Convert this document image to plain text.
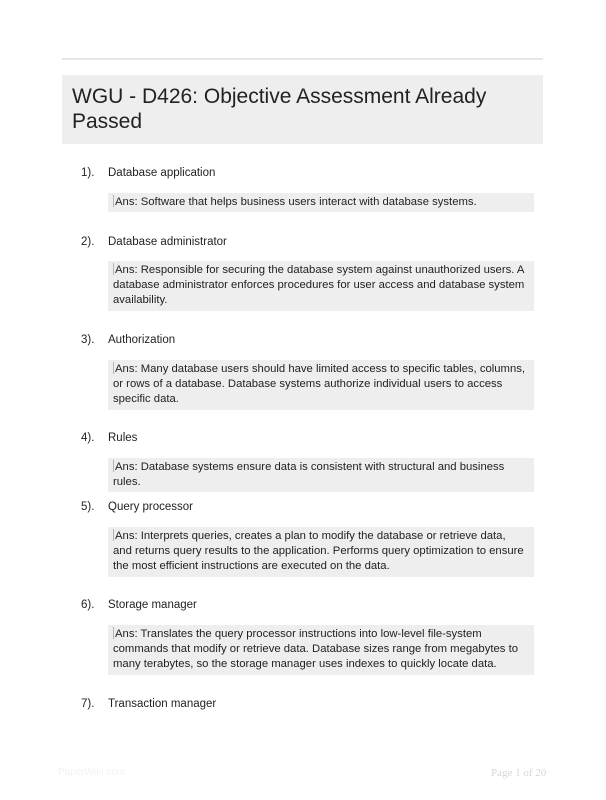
WGU - D426: Objective Assessment Already Passed
1). Database application
Ans: Software that helps business users interact with database systems.
2). Database administrator
Ans: Responsible for securing the database system against unauthorized users. A database administrator enforces procedures for user access and database system availability.
3). Authorization
Ans: Many database users should have limited access to specific tables, columns, or rows of a database. Database systems authorize individual users to access specific data.
4). Rules
Ans: Database systems ensure data is consistent with structural and business rules.
5). Query processor
Ans: Interprets queries, creates a plan to modify the database or retrieve data, and returns query results to the application. Performs query optimization to ensure the most efficient instructions are executed on the data.
6). Storage manager
Ans: Translates the query processor instructions into low-level file-system commands that modify or retrieve data. Database sizes range from megabytes to many terabytes, so the storage manager uses indexes to quickly locate data.
7). Transaction manager
PaperWiki.com	Page 1 of 20
